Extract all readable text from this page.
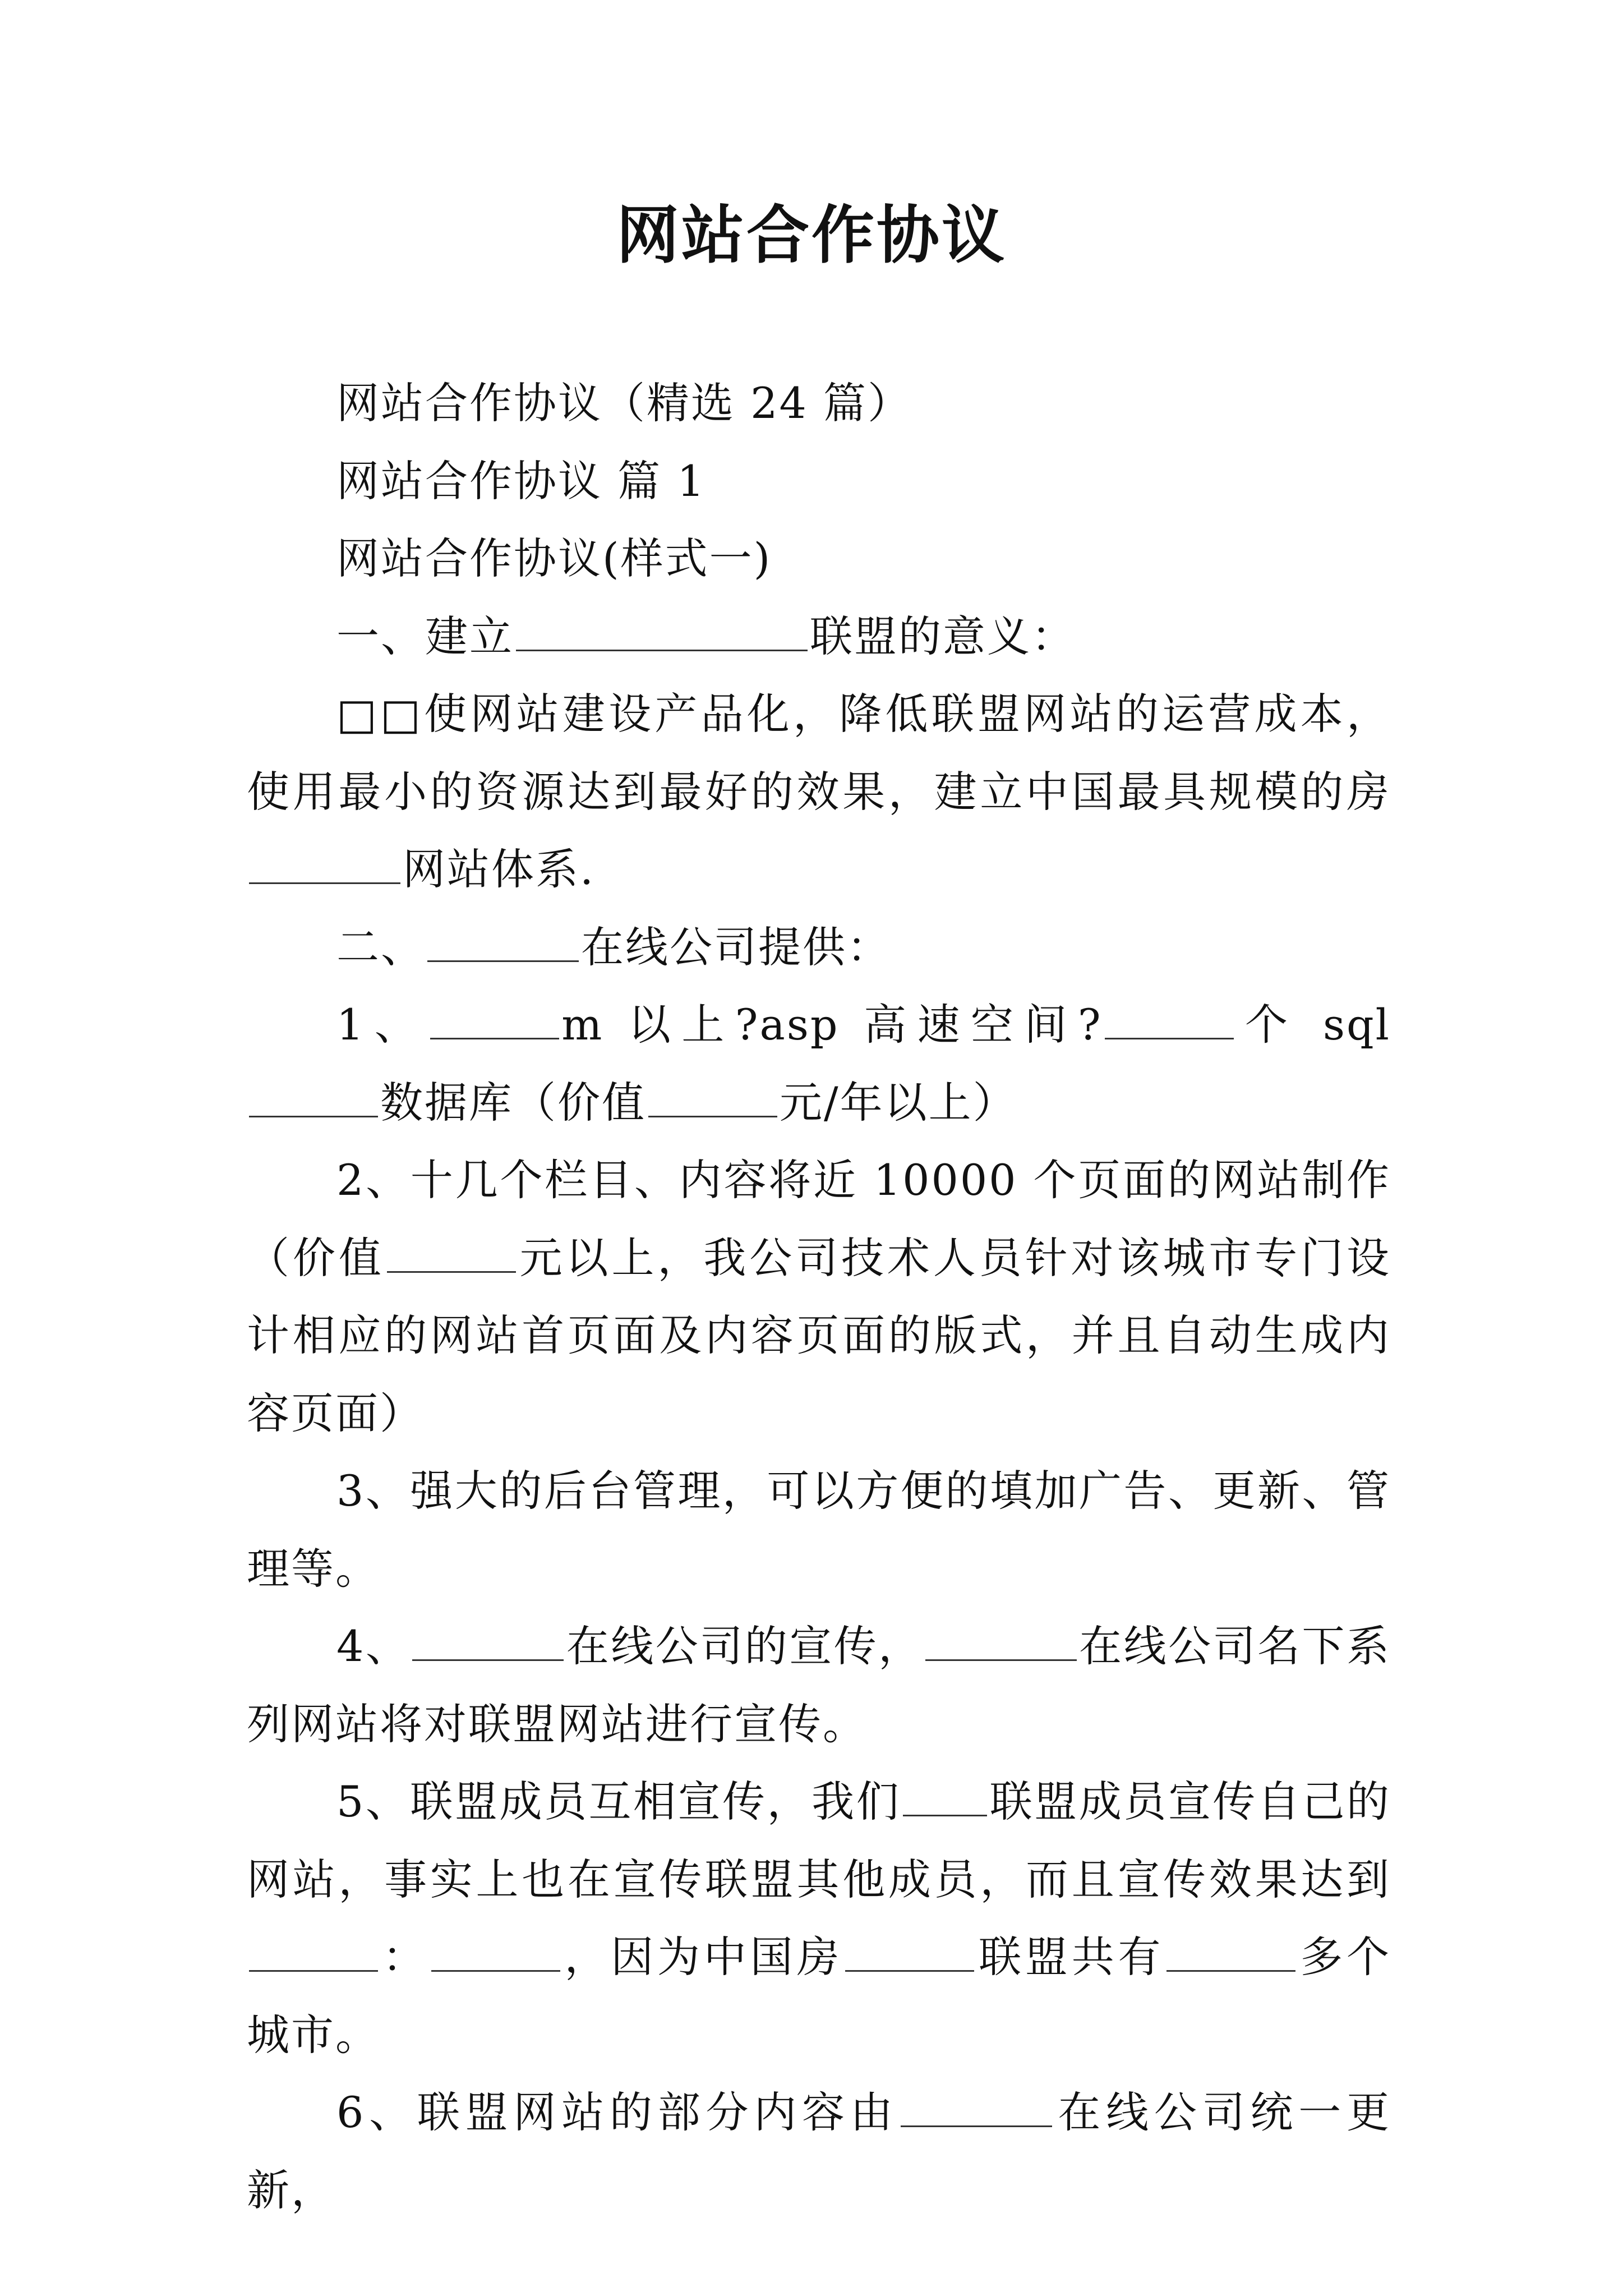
网站合作协议

网站合作协议（精选 24 篇）

网站合作协议 篇 1

网站合作协议(样式一)

一、建立	联盟的意义：

□□使网站建设产品化，降低联盟网站的运营成本，使用最小的资源达到最好的效果，建立中国最具规模的房网站体系.

二、	在线公司提供：

1、	m 以上?asp 高速空间?	个 sql数据库（价值	元/年以上）

2、十几个栏目、内容将近 10000 个页面的网站制作（价值	元以上，我公司技术人员针对该城市专门设计相应的网站首页面及内容页面的版式，并且自动生成内容页面）

3、强大的后台管理，可以方便的填加广告、更新、管理等。

4、	在线公司的宣传，	在线公司名下系列网站将对联盟网站进行宣传。

5、联盟成员互相宣传，我们 联盟成员宣传自己的网站，事实上也在宣传联盟其他成员，而且宣传效果达到：	，因为中国房	联盟共有	多个城市。

6、联盟网站的部分内容由	在线公司统一更新，
